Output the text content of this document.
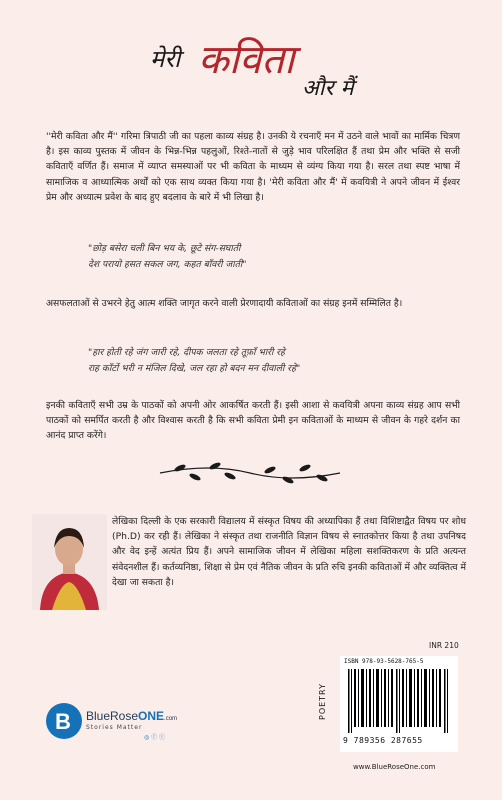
मेरी कविता
और मैं
''मेरी कविता और मैं'' गरिमा त्रिपाठी जी का पहला काव्य संग्रह है। उनकी ये रचनाएँ मन में उठने वाले भावों का मार्मिक चित्रण है। इस काव्य पुस्तक में जीवन के भिन्न-भिन्न पहलुओं, रिश्ते-नातों से जुड़े भाव परिलक्षित हैं तथा प्रेम और भक्ति से सजी कविताएँ वर्णित हैं। समाज में व्याप्त समस्याओं पर भी कविता के माध्यम से व्यंग्य किया गया है। सरल तथा स्पष्ट भाषा में सामाजिक व आध्यात्मिक अर्थों को एक साथ व्यक्त किया गया है। 'मेरी कविता और मैं' में कवयित्री ने अपने जीवन में ईश्वर प्रेम और अध्यात्म प्रवेश के बाद हुए बदलाव के बारे में भी लिखा है।
"छोड़ बसेरा चली बिन भय के, छूटे संग-सघाती
देश परायो हसत सकल जग, कहत बाँवरी जाती"
असफलताओं से उभरने हेतु आत्म शक्ति जागृत करने वाली प्रेरणादायी कविताओं का संग्रह इनमें सम्मिलित है।
"हार होती रहे जंग जारी रहे, दीपक जलता रहे तूफ़ाँ भारी रहे
राह काँटों भरी न मंजिल दिखे, जल रहा हो बदन मन दीवाली रहे"
इनकी कविताएँ सभी उम्र के पाठकों को अपनी ओर आकर्षित करती हैं। इसी आशा से कवयित्री अपना काव्य संग्रह आप सभी पाठकों को समर्पित करती है और विश्वास करती है कि सभी कविता प्रेमी इन कविताओं के माध्यम से जीवन के गहरे दर्शन का आनंद प्राप्त करेंगे।
लेखिका दिल्ली के एक सरकारी विद्यालय में संस्कृत विषय की अध्यापिका हैं तथा विशिष्टाद्वैत विषय पर शोध (Ph.D) कर रही हैं। लेखिका ने संस्कृत तथा राजनीति विज्ञान विषय से स्नातकोत्तर किया है तथा उपनिषद और वेद इन्हें अत्यंत प्रिय हैं। अपने सामाजिक जीवन में लेखिका महिला सशक्तिकरण के प्रति अत्यन्त संवेदनशील हैं। कर्तव्यनिष्ठा, शिक्षा से प्रेम एवं नैतिक जीवन के प्रति रुचि इनकी कविताओं में और व्यक्तित्व में देखा जा सकता है।
INR 210
POETRY
ISBN 978-93-5628-765-5
9 789356 287655
www.BlueRoseOne.com
B BlueRoseONE.com
Stories Matter
◎ ⓕ ⓣ
